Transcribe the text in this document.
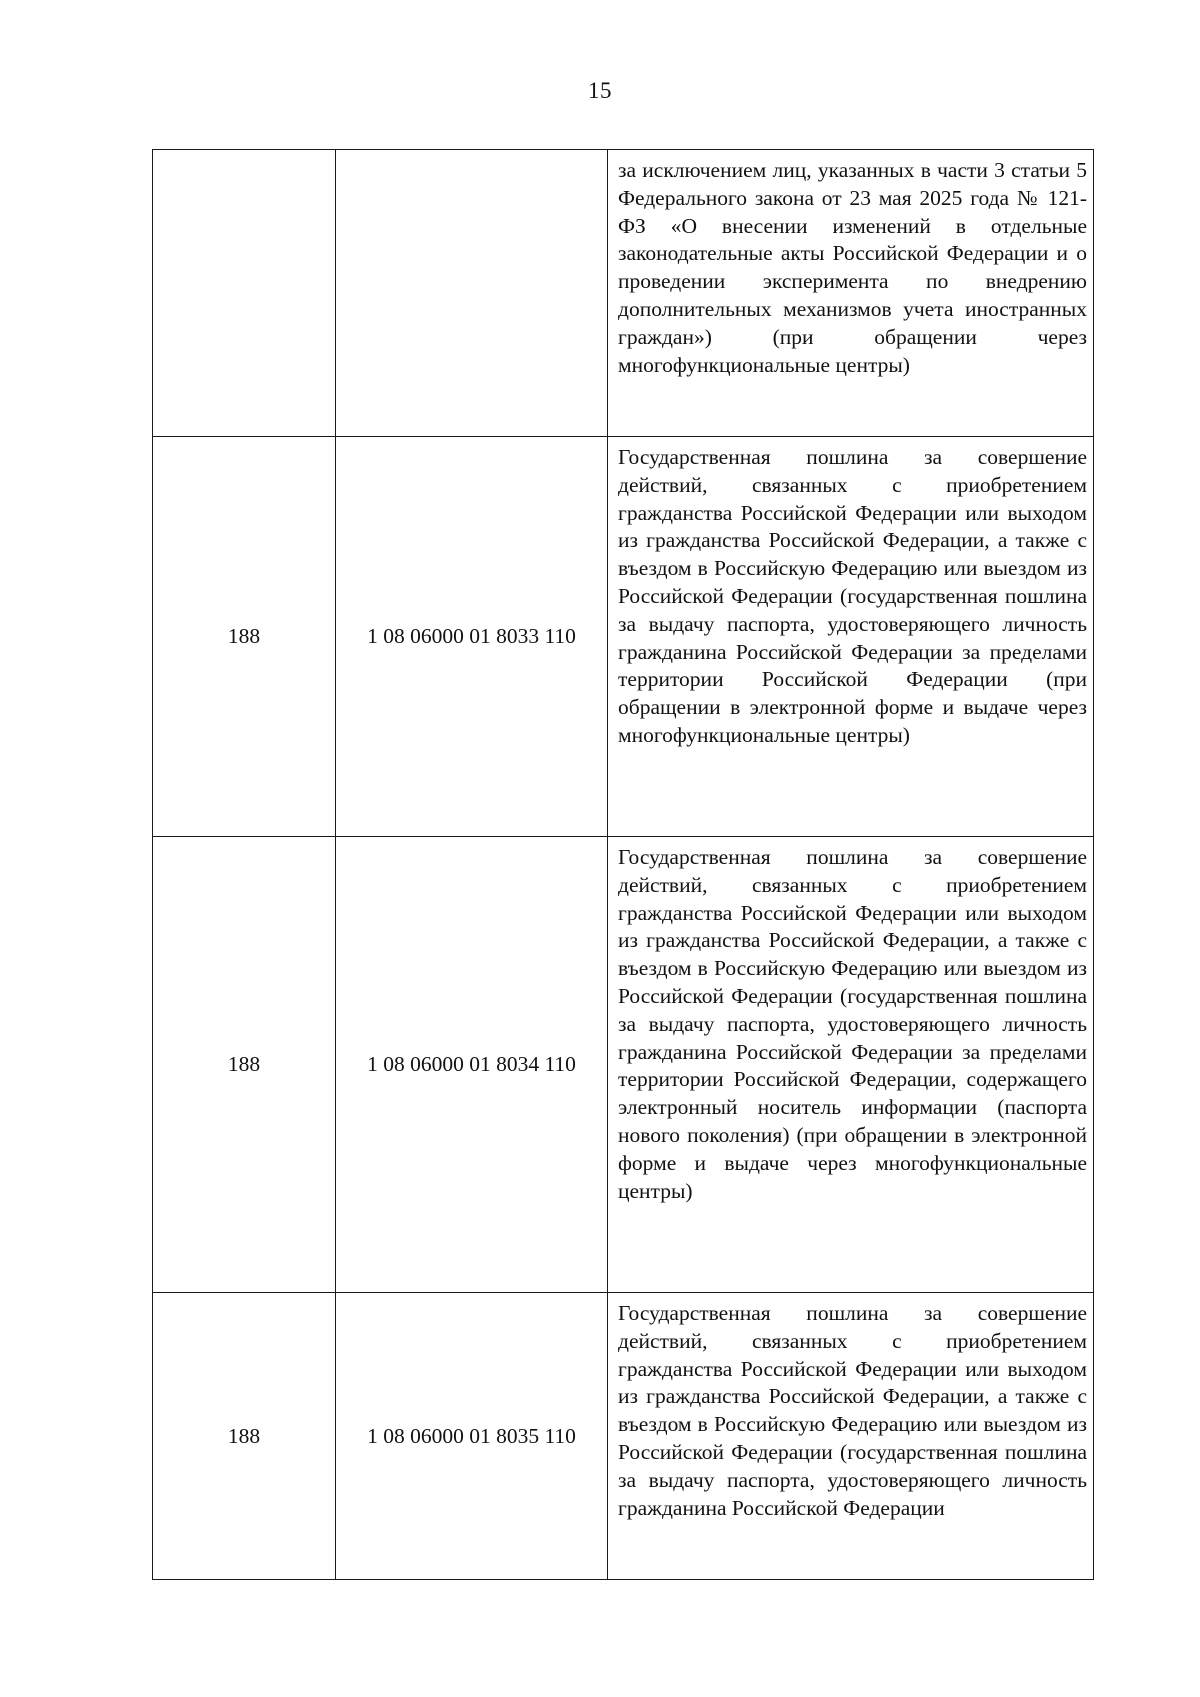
15

		за исключением лиц, указанных в части 3 статьи 5 Федерального закона от 23 мая 2025 года № 121-ФЗ «О внесении изменений в отдельные законодательные акты Российской Федерации и о проведении эксперимента по внедрению дополнительных механизмов учета иностранных граждан») (при обращении через многофункциональные центры)

188	1 08 06000 01 8033 110	Государственная пошлина за совершение действий, связанных с приобретением гражданства Российской Федерации или выходом из гражданства Российской Федерации, а также с въездом в Российскую Федерацию или выездом из Российской Федерации (государственная пошлина за выдачу паспорта, удостоверяющего личность гражданина Российской Федерации за пределами территории Российской Федерации (при обращении в электронной форме и выдаче через многофункциональные центры)

188	1 08 06000 01 8034 110	Государственная пошлина за совершение действий, связанных с приобретением гражданства Российской Федерации или выходом из гражданства Российской Федерации, а также с въездом в Российскую Федерацию или выездом из Российской Федерации (государственная пошлина за выдачу паспорта, удостоверяющего личность гражданина Российской Федерации за пределами территории Российской Федерации, содержащего электронный носитель информации (паспорта нового поколения) (при обращении в электронной форме и выдаче через многофункциональные центры)

188	1 08 06000 01 8035 110	Государственная пошлина за совершение действий, связанных с приобретением гражданства Российской Федерации или выходом из гражданства Российской Федерации, а также с въездом в Российскую Федерацию или выездом из Российской Федерации (государственная пошлина за выдачу паспорта, удостоверяющего личность гражданина Российской Федерации
